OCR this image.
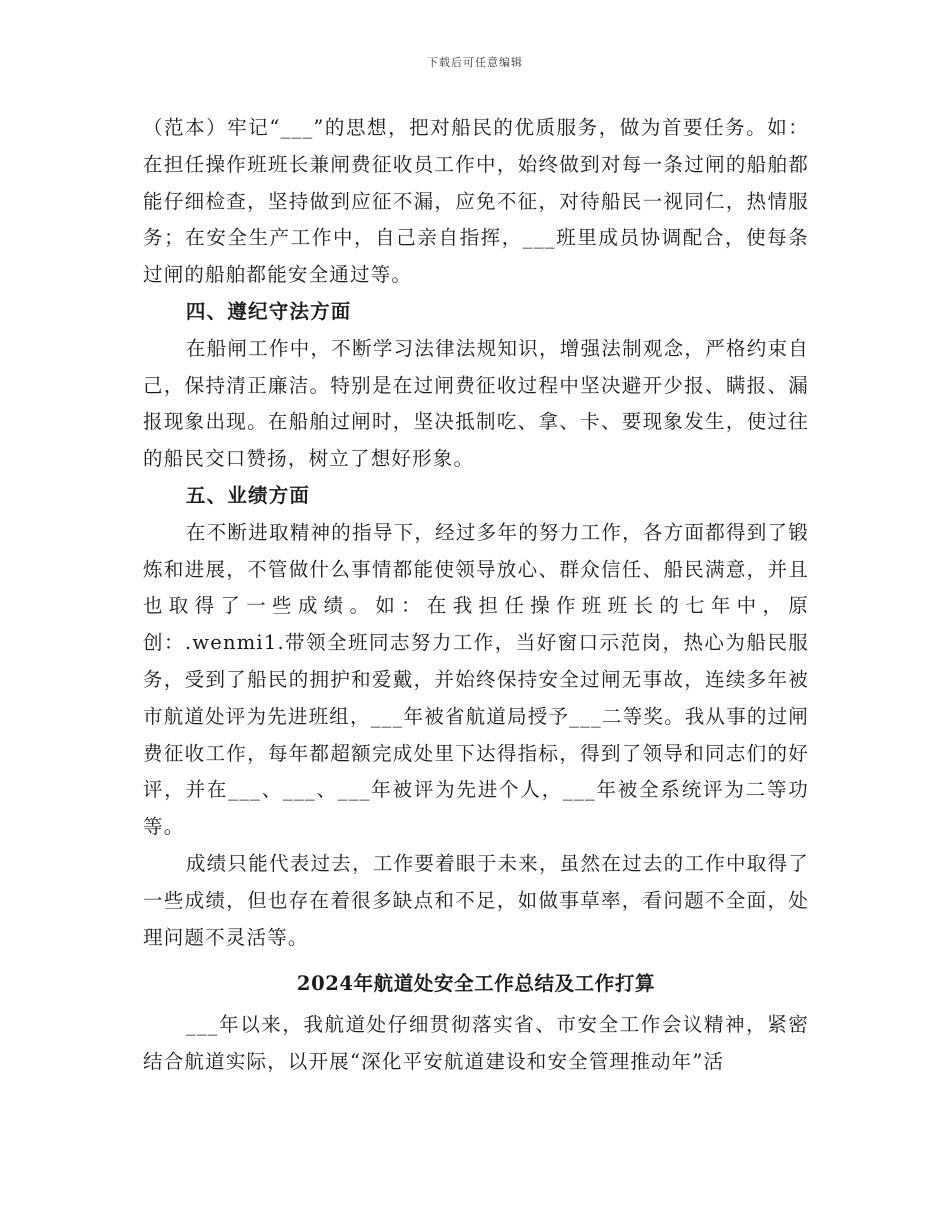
下载后可任意编辑

（范本）牢记“___”的思想，把对船民的优质服务，做为首要任务。如：在担任操作班班长兼闸费征收员工作中，始终做到对每一条过闸的船舶都能仔细检查，坚持做到应征不漏，应免不征，对待船民一视同仁，热情服务；在安全生产工作中，自己亲自指挥，___班里成员协调配合，使每条过闸的船舶都能安全通过等。

四、遵纪守法方面

在船闸工作中，不断学习法律法规知识，增强法制观念，严格约束自己，保持清正廉洁。特别是在过闸费征收过程中坚决避开少报、瞒报、漏报现象出现。在船舶过闸时，坚决抵制吃、拿、卡、要现象发生，使过往的船民交口赞扬，树立了想好形象。

五、业绩方面

在不断进取精神的指导下，经过多年的努力工作，各方面都得到了锻炼和进展，不管做什么事情都能使领导放心、群众信任、船民满意，并且也取得了一些成绩。如：在我担任操作班班长的七年中，原创：.wenmi1.带领全班同志努力工作，当好窗口示范岗，热心为船民服务，受到了船民的拥护和爱戴，并始终保持安全过闸无事故，连续多年被市航道处评为先进班组，___年被省航道局授予___二等奖。我从事的过闸费征收工作，每年都超额完成处里下达得指标，得到了领导和同志们的好评，并在___、___、___年被评为先进个人，___年被全系统评为二等功等。

成绩只能代表过去，工作要着眼于未来，虽然在过去的工作中取得了一些成绩，但也存在着很多缺点和不足，如做事草率，看问题不全面，处理问题不灵活等。

2024年航道处安全工作总结及工作打算

___年以来，我航道处仔细贯彻落实省、市安全工作会议精神，紧密结合航道实际，以开展“深化平安航道建设和安全管理推动年”活
